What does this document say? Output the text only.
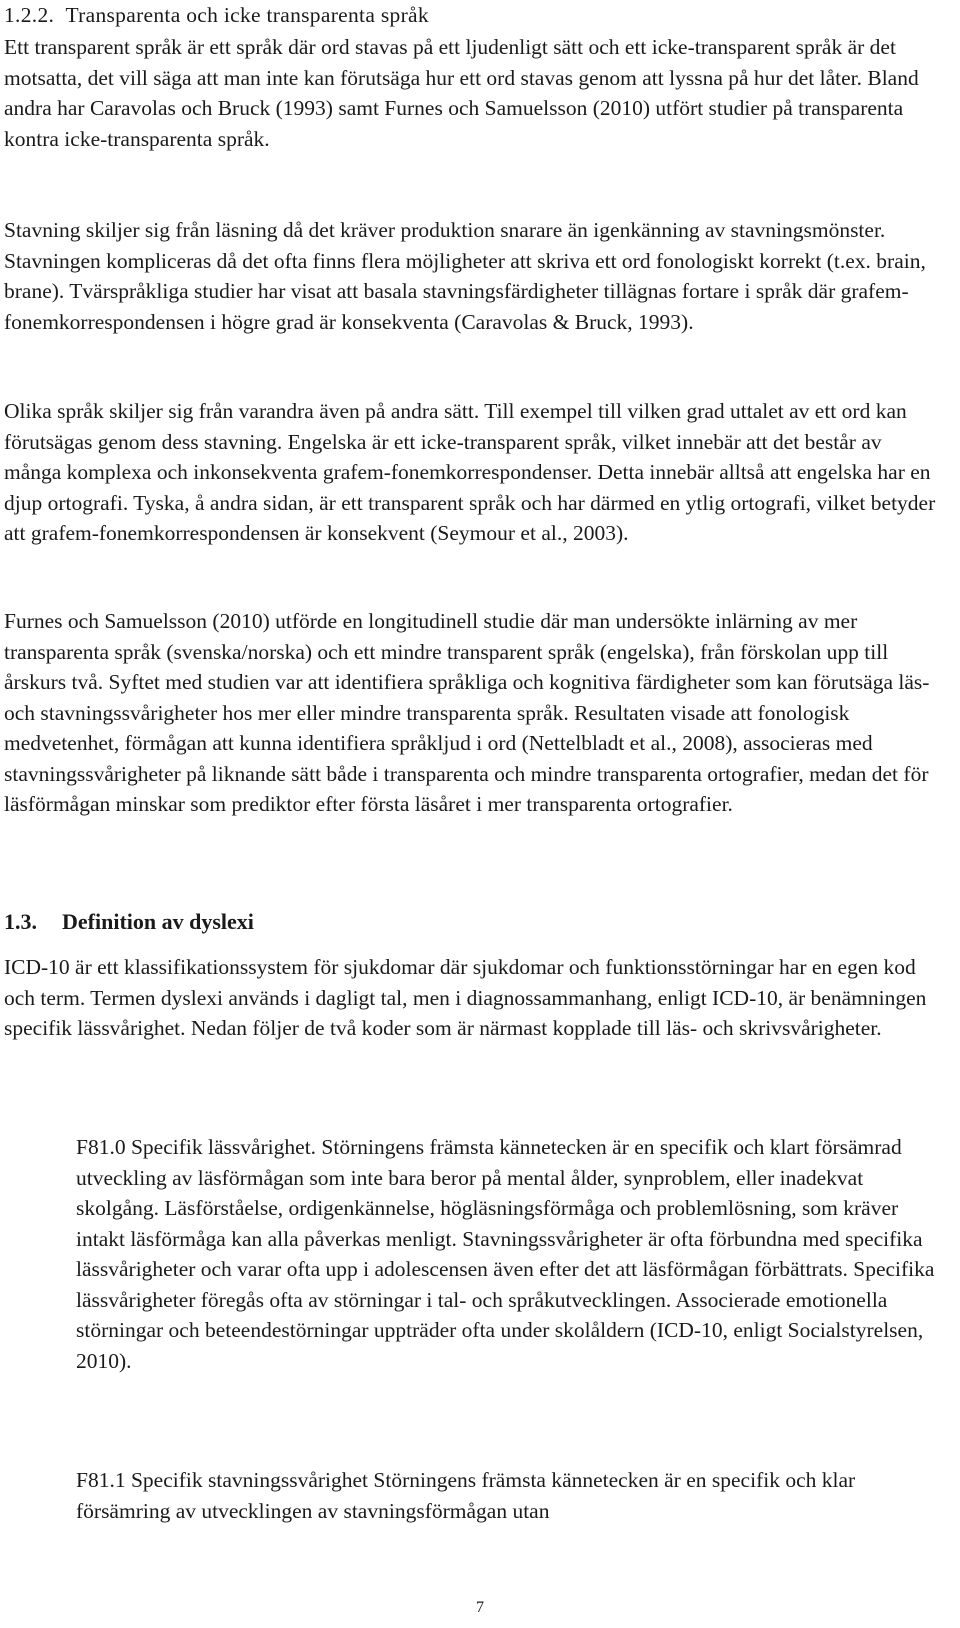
1.2.2. Transparenta och icke transparenta språk

Ett transparent språk är ett språk där ord stavas på ett ljudenligt sätt och ett icke-transparent språk är det motsatta, det vill säga att man inte kan förutsäga hur ett ord stavas genom att lyssna på hur det låter. Bland andra har Caravolas och Bruck (1993) samt Furnes och Samuelsson (2010) utfört studier på transparenta kontra icke-transparenta språk.

Stavning skiljer sig från läsning då det kräver produktion snarare än igenkänning av stavningsmönster. Stavningen kompliceras då det ofta finns flera möjligheter att skriva ett ord fonologiskt korrekt (t.ex. brain, brane). Tvärspråkliga studier har visat att basala stavningsfärdigheter tillägnas fortare i språk där grafem-fonemkorrespondensen i högre grad är konsekventa (Caravolas & Bruck, 1993).

Olika språk skiljer sig från varandra även på andra sätt. Till exempel till vilken grad uttalet av ett ord kan förutsägas genom dess stavning. Engelska är ett icke-transparent språk, vilket innebär att det består av många komplexa och inkonsekventa grafem-fonemkorrespondenser. Detta innebär alltså att engelska har en djup ortografi. Tyska, å andra sidan, är ett transparent språk och har därmed en ytlig ortografi, vilket betyder att grafem-fonemkorrespondensen är konsekvent (Seymour et al., 2003).

Furnes och Samuelsson (2010) utförde en longitudinell studie där man undersökte inlärning av mer transparenta språk (svenska/norska) och ett mindre transparent språk (engelska), från förskolan upp till årskurs två. Syftet med studien var att identifiera språkliga och kognitiva färdigheter som kan förutsäga läs- och stavningssvårigheter hos mer eller mindre transparenta språk. Resultaten visade att fonologisk medvetenhet, förmågan att kunna identifiera språkljud i ord (Nettelbladt et al., 2008), associeras med stavningssvårigheter på liknande sätt både i transparenta och mindre transparenta ortografier, medan det för läsförmågan minskar som prediktor efter första läsåret i mer transparenta ortografier.

1.3. Definition av dyslexi

ICD-10 är ett klassifikationssystem för sjukdomar där sjukdomar och funktionsstörningar har en egen kod och term. Termen dyslexi används i dagligt tal, men i diagnossammanhang, enligt ICD-10, är benämningen specifik lässvårighet. Nedan följer de två koder som är närmast kopplade till läs- och skrivsvårigheter.

F81.0 Specifik lässvårighet. Störningens främsta kännetecken är en specifik och klart försämrad utveckling av läsförmågan som inte bara beror på mental ålder, synproblem, eller inadekvat skolgång. Läsförståelse, ordigenkännelse, högläsningsförmåga och problemlösning, som kräver intakt läsförmåga kan alla påverkas menligt. Stavningssvårigheter är ofta förbundna med specifika lässvårigheter och varar ofta upp i adolescensen även efter det att läsförmågan förbättrats. Specifika lässvårigheter föregås ofta av störningar i tal- och språkutvecklingen. Associerade emotionella störningar och beteendestörningar uppträder ofta under skolåldern (ICD-10, enligt Socialstyrelsen, 2010).

F81.1 Specifik stavningssvårighet Störningens främsta kännetecken är en specifik och klar försämring av utvecklingen av stavningsförmågan utan

7
